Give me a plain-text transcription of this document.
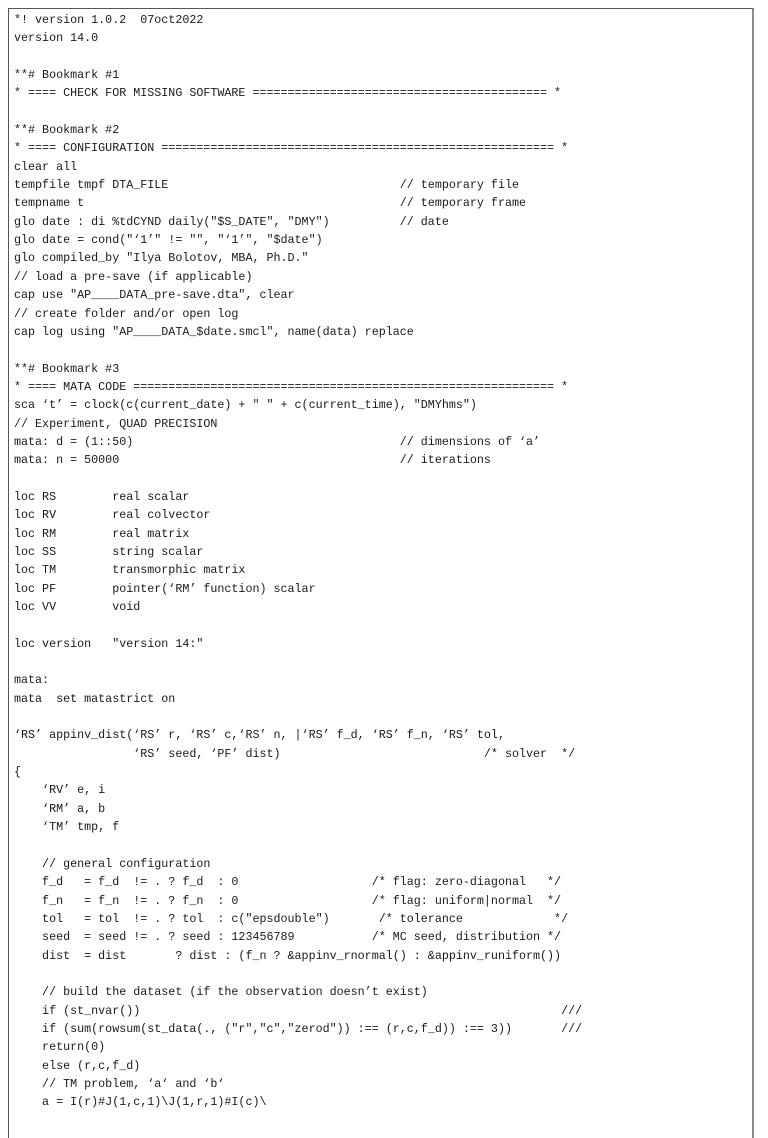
*! version 1.0.2  07oct2022
version 14.0

**# Bookmark #1
* ==== CHECK FOR MISSING SOFTWARE ========================================== *

**# Bookmark #2
* ==== CONFIGURATION ======================================================== *
clear all
tempfile tmpf DTA_FILE                                 // temporary file
tempname t                                             // temporary frame
glo date : di %tdCYND daily("$S_DATE", "DMY")          // date
glo date = cond("‘1’" != "", "‘1’", "$date")
glo compiled_by "Ilya Bolotov, MBA, Ph.D."
// load a pre-save (if applicable)
cap use "AP____DATA_pre-save.dta", clear
// create folder and/or open log
cap log using "AP____DATA_$date.smcl", name(data) replace

**# Bookmark #3
* ==== MATA CODE ============================================================ *
sca ‘t’ = clock(c(current_date) + " " + c(current_time), "DMYhms")
// Experiment, QUAD PRECISION
mata: d = (1::50)                                      // dimensions of ‘a’
mata: n = 50000                                        // iterations

loc RS        real scalar
loc RV        real colvector
loc RM        real matrix
loc SS        string scalar
loc TM        transmorphic matrix
loc PF        pointer(‘RM’ function) scalar
loc VV        void

loc version   "version 14:"

mata:
mata  set matastrict on

‘RS’ appinv_dist(‘RS’ r, ‘RS’ c,‘RS’ n, |‘RS’ f_d, ‘RS’ f_n, ‘RS’ tol,
‘RS’ seed, ‘PF’ dist)                             /* solver  */
{
‘RV’ e, i
‘RM’ a, b
‘TM’ tmp, f

// general configuration
f_d   = f_d  != . ? f_d  : 0                   /* flag: zero-diagonal   */
f_n   = f_n  != . ? f_n  : 0                   /* flag: uniform|normal  */
tol   = tol  != . ? tol  : c("epsdouble")       /* tolerance             */
seed  = seed != . ? seed : 123456789           /* MC seed, distribution */
dist  = dist       ? dist : (f_n ? &appinv_rnormal() : &appinv_runiform())

// build the dataset (if the observation doesn’t exist)
if (st_nvar())                                                            ///
if (sum(rowsum(st_data(., ("r","c","zerod")) :== (r,c,f_d)) :== 3))       ///
return(0)
else (r,c,f_d)
// TM problem, ‘a‘ and ‘b‘
a = I(r)#J(1,c,1)\J(1,r,1)#I(c)\
